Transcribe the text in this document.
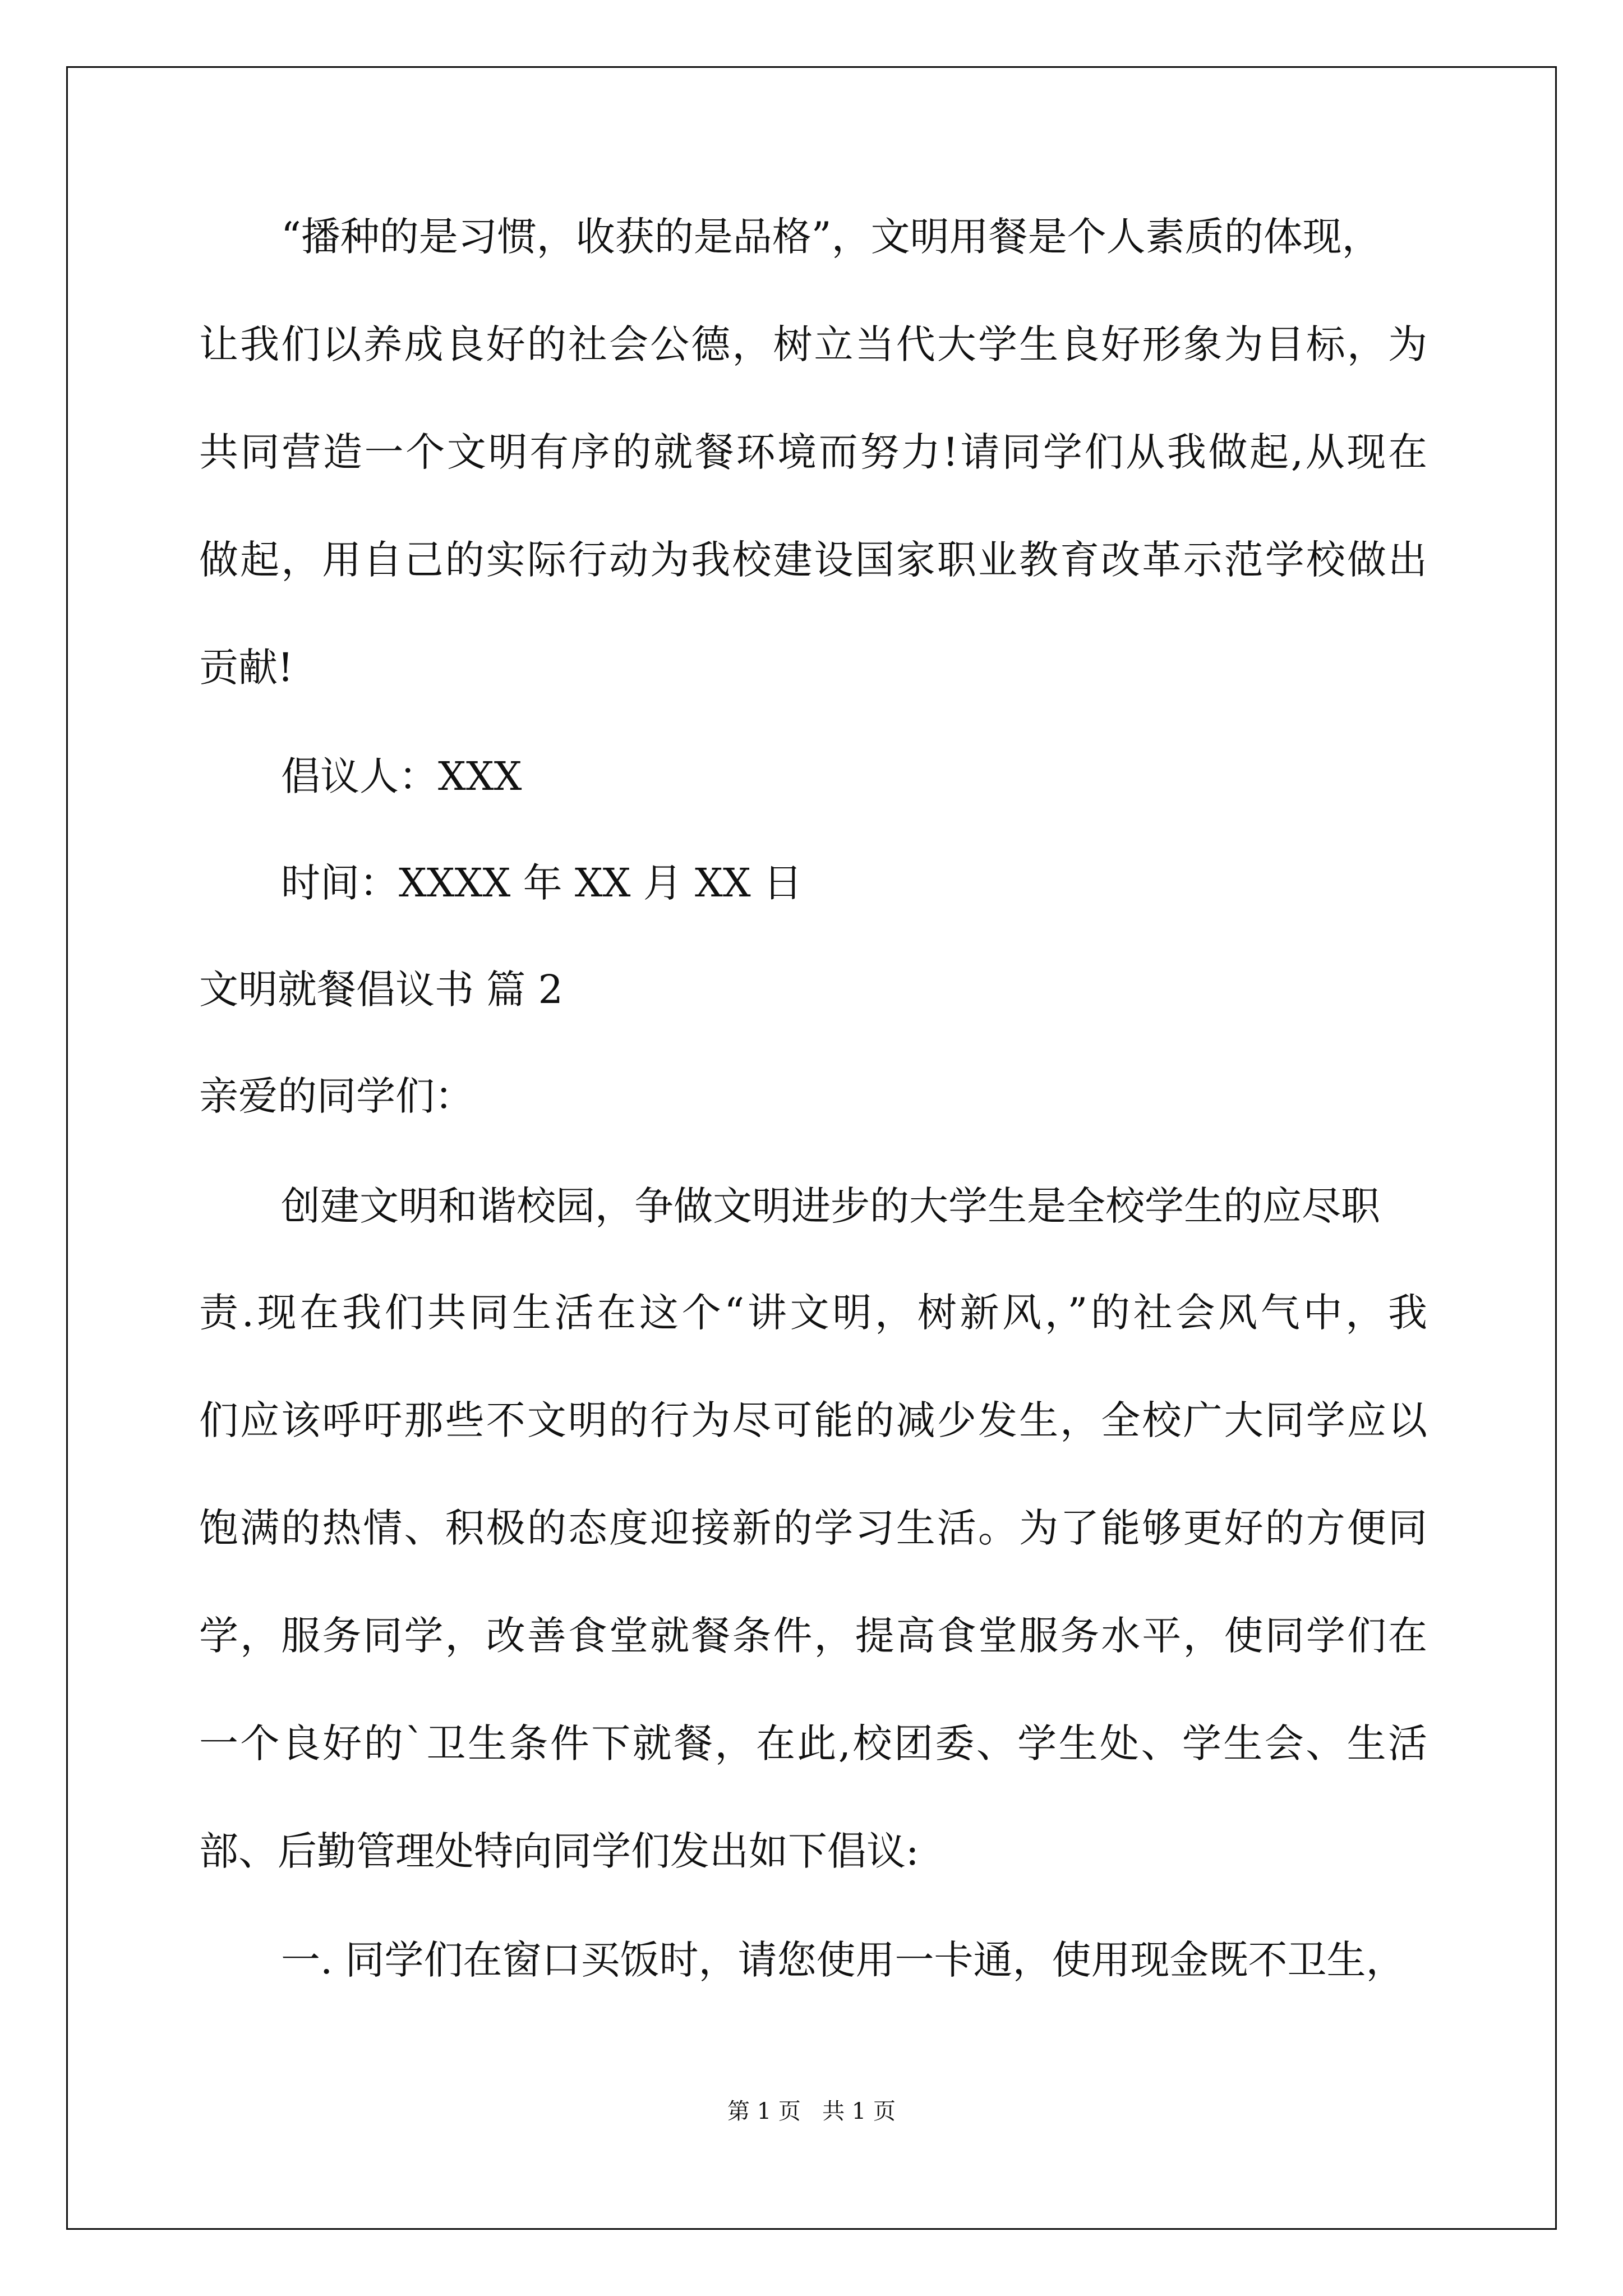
“播种的是习惯，收获的是品格”，文明用餐是个人素质的体现，
让我们以养成良好的社会公德，树立当代大学生良好形象为目标，为
共同营造一个文明有序的就餐环境而努力!请同学们从我做起,从现在
做起，用自己的实际行动为我校建设国家职业教育改革示范学校做出
贡献!
倡议人：XXX
时间：XXXX 年 XX 月 XX 日
文明就餐倡议书 篇 2
亲爱的同学们：
创建文明和谐校园，争做文明进步的大学生是全校学生的应尽职
责.现在我们共同生活在这个“讲文明，树新风，”的社会风气中，我
们应该呼吁那些不文明的行为尽可能的减少发生，全校广大同学应以
饱满的热情、积极的态度迎接新的学习生活。为了能够更好的方便同
学，服务同学，改善食堂就餐条件，提高食堂服务水平，使同学们在
一个良好的`卫生条件下就餐，在此,校团委、学生处、学生会、生活
部、后勤管理处特向同学们发出如下倡议:
一. 同学们在窗口买饭时，请您使用一卡通，使用现金既不卫生，
第 1 页   共 1 页
